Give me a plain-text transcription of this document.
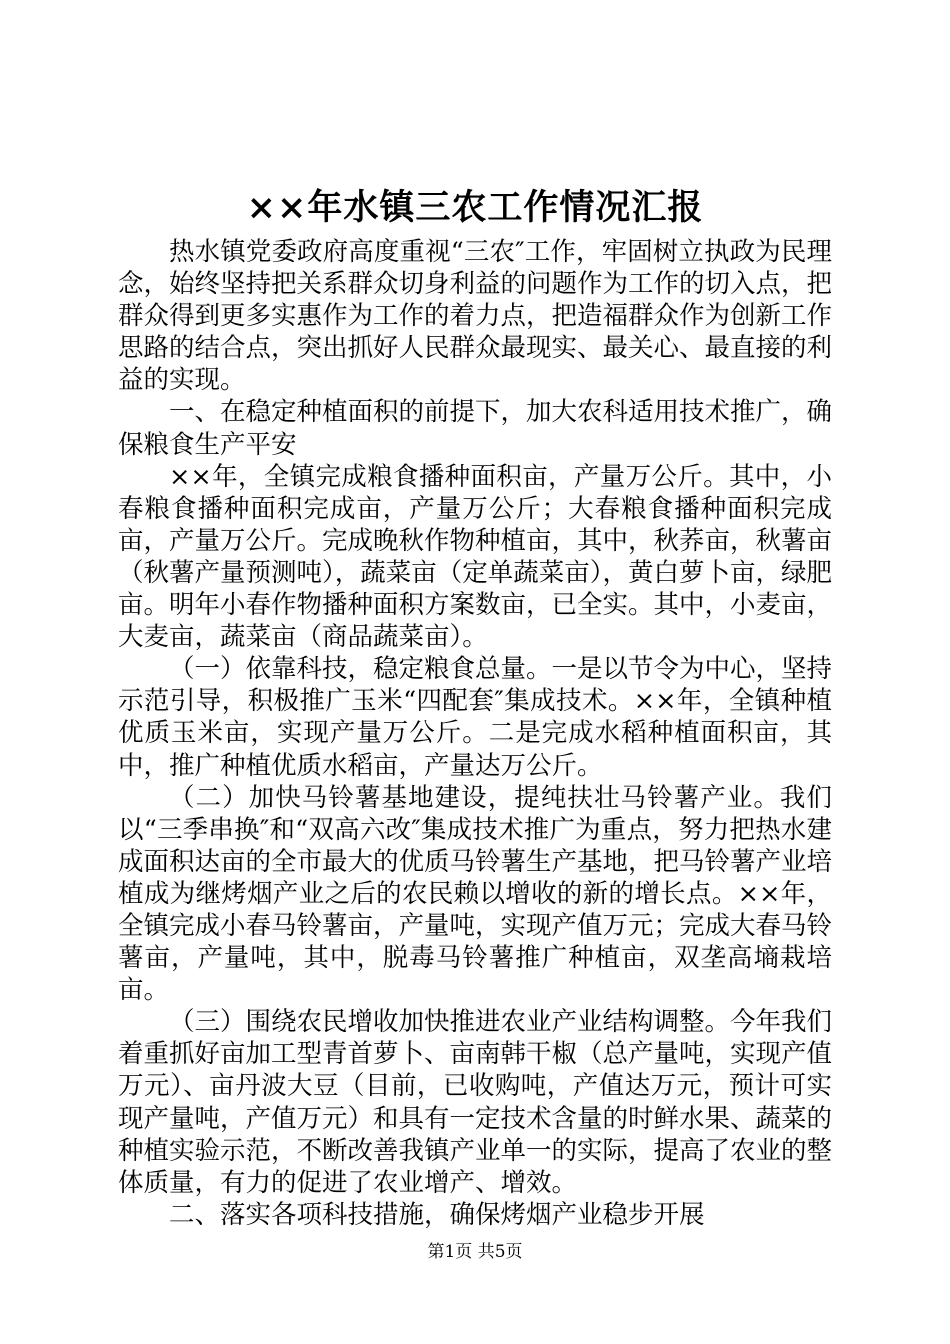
××年水镇三农工作情况汇报

热水镇党委政府高度重视“三农″工作，牢固树立执政为民理念，始终坚持把关系群众切身利益的问题作为工作的切入点，把群众得到更多实惠作为工作的着力点，把造福群众作为创新工作思路的结合点，突出抓好人民群众最现实、最关心、最直接的利益的实现。

一、在稳定种植面积的前提下，加大农科适用技术推广，确保粮食生产平安

××年，全镇完成粮食播种面积亩，产量万公斤。其中，小春粮食播种面积完成亩，产量万公斤；大春粮食播种面积完成亩，产量万公斤。完成晚秋作物种植亩，其中，秋荞亩，秋薯亩（秋薯产量预测吨），蔬菜亩（定单蔬菜亩），黄白萝卜亩，绿肥亩。明年小春作物播种面积方案数亩，已全实。其中，小麦亩，大麦亩，蔬菜亩（商品蔬菜亩）。

（一）依靠科技，稳定粮食总量。一是以节令为中心，坚持示范引导，积极推广玉米“四配套″集成技术。××年，全镇种植优质玉米亩，实现产量万公斤。二是完成水稻种植面积亩，其中，推广种植优质水稻亩，产量达万公斤。

（二）加快马铃薯基地建设，提纯扶壮马铃薯产业。我们以“三季串换″和“双高六改″集成技术推广为重点，努力把热水建成面积达亩的全市最大的优质马铃薯生产基地，把马铃薯产业培植成为继烤烟产业之后的农民赖以增收的新的增长点。××年，全镇完成小春马铃薯亩，产量吨，实现产值万元；完成大春马铃薯亩，产量吨，其中，脱毒马铃薯推广种植亩，双垄高墒栽培亩。

（三）围绕农民增收加快推进农业产业结构调整。今年我们着重抓好亩加工型青首萝卜、亩南韩干椒（总产量吨，实现产值万元）、亩丹波大豆（目前，已收购吨，产值达万元，预计可实现产量吨，产值万元）和具有一定技术含量的时鲜水果、蔬菜的种植实验示范，不断改善我镇产业单一的实际，提高了农业的整体质量，有力的促进了农业增产、增效。

二、落实各项科技措施，确保烤烟产业稳步开展

第1页 共5页
